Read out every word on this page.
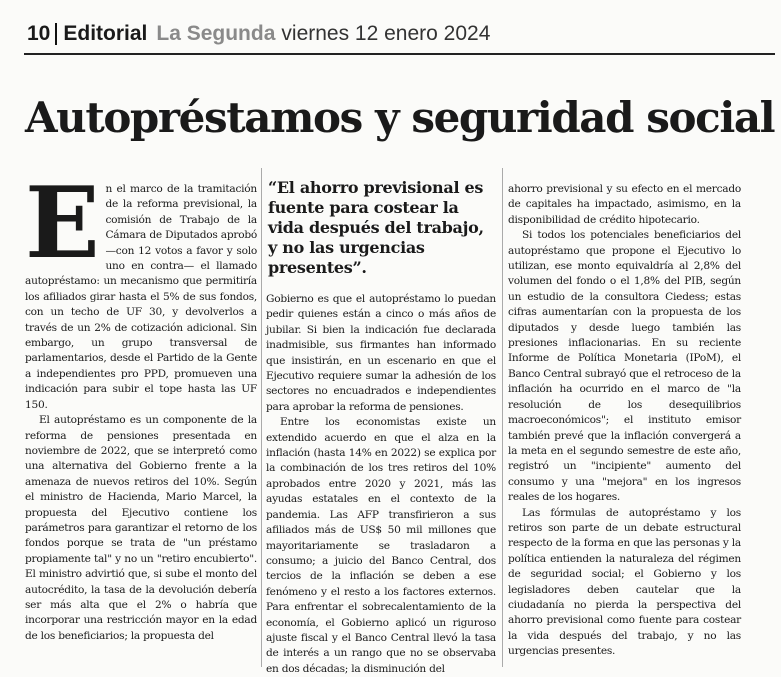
10 Editorial La Segunda viernes 12 enero 2024
Autopréstamos y seguridad social
E n el marco de la tramitación de la reforma previsional, la comisión de Trabajo de la Cámara de Diputados aprobó —con 12 votos a favor y solo uno en contra— el llamado autopréstamo: un mecanismo que permitiría los afiliados girar hasta el 5% de sus fondos, con un techo de UF 30, y devolverlos a través de un 2% de cotización adicional. Sin embargo, un grupo transversal de parlamentarios, desde el Partido de la Gente a independientes pro PPD, promueven una indicación para subir el tope hasta las UF 150.

El autopréstamo es un componente de la reforma de pensiones presentada en noviembre de 2022, que se interpretó como una alternativa del Gobierno frente a la amenaza de nuevos retiros del 10%. Según el ministro de Hacienda, Mario Marcel, la propuesta del Ejecutivo contiene los parámetros para garantizar el retorno de los fondos porque se trata de "un préstamo propiamente tal" y no un "retiro encubierto". El ministro advirtió que, si sube el monto del autocrédito, la tasa de la devolución debería ser más alta que el 2% o habría que incorporar una restricción mayor en la edad de los beneficiarios; la propuesta del

“El ahorro previsional es fuente para costear la vida después del trabajo, y no las urgencias presentes”.

Gobierno es que el autopréstamo lo puedan pedir quienes están a cinco o más años de jubilar. Si bien la indicación fue declarada inadmisible, sus firmantes han informado que insistirán, en un escenario en que el Ejecutivo requiere sumar la adhesión de los sectores no encuadrados e independientes para aprobar la reforma de pensiones.

Entre los economistas existe un extendido acuerdo en que el alza en la inflación (hasta 14% en 2022) se explica por la combinación de los tres retiros del 10% aprobados entre 2020 y 2021, más las ayudas estatales en el contexto de la pandemia. Las AFP transfirieron a sus afiliados más de US$ 50 mil millones que mayoritariamente se trasladaron a consumo; a juicio del Banco Central, dos tercios de la inflación se deben a ese fenómeno y el resto a los factores externos. Para enfrentar el sobrecalentamiento de la economía, el Gobierno aplicó un riguroso ajuste fiscal y el Banco Central llevó la tasa de interés a un rango que no se observaba en dos décadas; la disminución del

ahorro previsional y su efecto en el mercado de capitales ha impactado, asimismo, en la disponibilidad de crédito hipotecario.

Si todos los potenciales beneficiarios del autopréstamo que propone el Ejecutivo lo utilizan, ese monto equivaldría al 2,8% del volumen del fondo o el 1,8% del PIB, según un estudio de la consultora Ciedess; estas cifras aumentarían con la propuesta de los diputados y desde luego también las presiones inflacionarias. En su reciente Informe de Política Monetaria (IPoM), el Banco Central subrayó que el retroceso de la inflación ha ocurrido en el marco de "la resolución de los desequilibrios macroeconómicos"; el instituto emisor también prevé que la inflación convergerá a la meta en el segundo semestre de este año, registró un "incipiente" aumento del consumo y una "mejora" en los ingresos reales de los hogares.

Las fórmulas de autopréstamo y los retiros son parte de un debate estructural respecto de la forma en que las personas y la política entienden la naturaleza del régimen de seguridad social; el Gobierno y los legisladores deben cautelar que la ciudadanía no pierda la perspectiva del ahorro previsional como fuente para costear la vida después del trabajo, y no las urgencias presentes.
